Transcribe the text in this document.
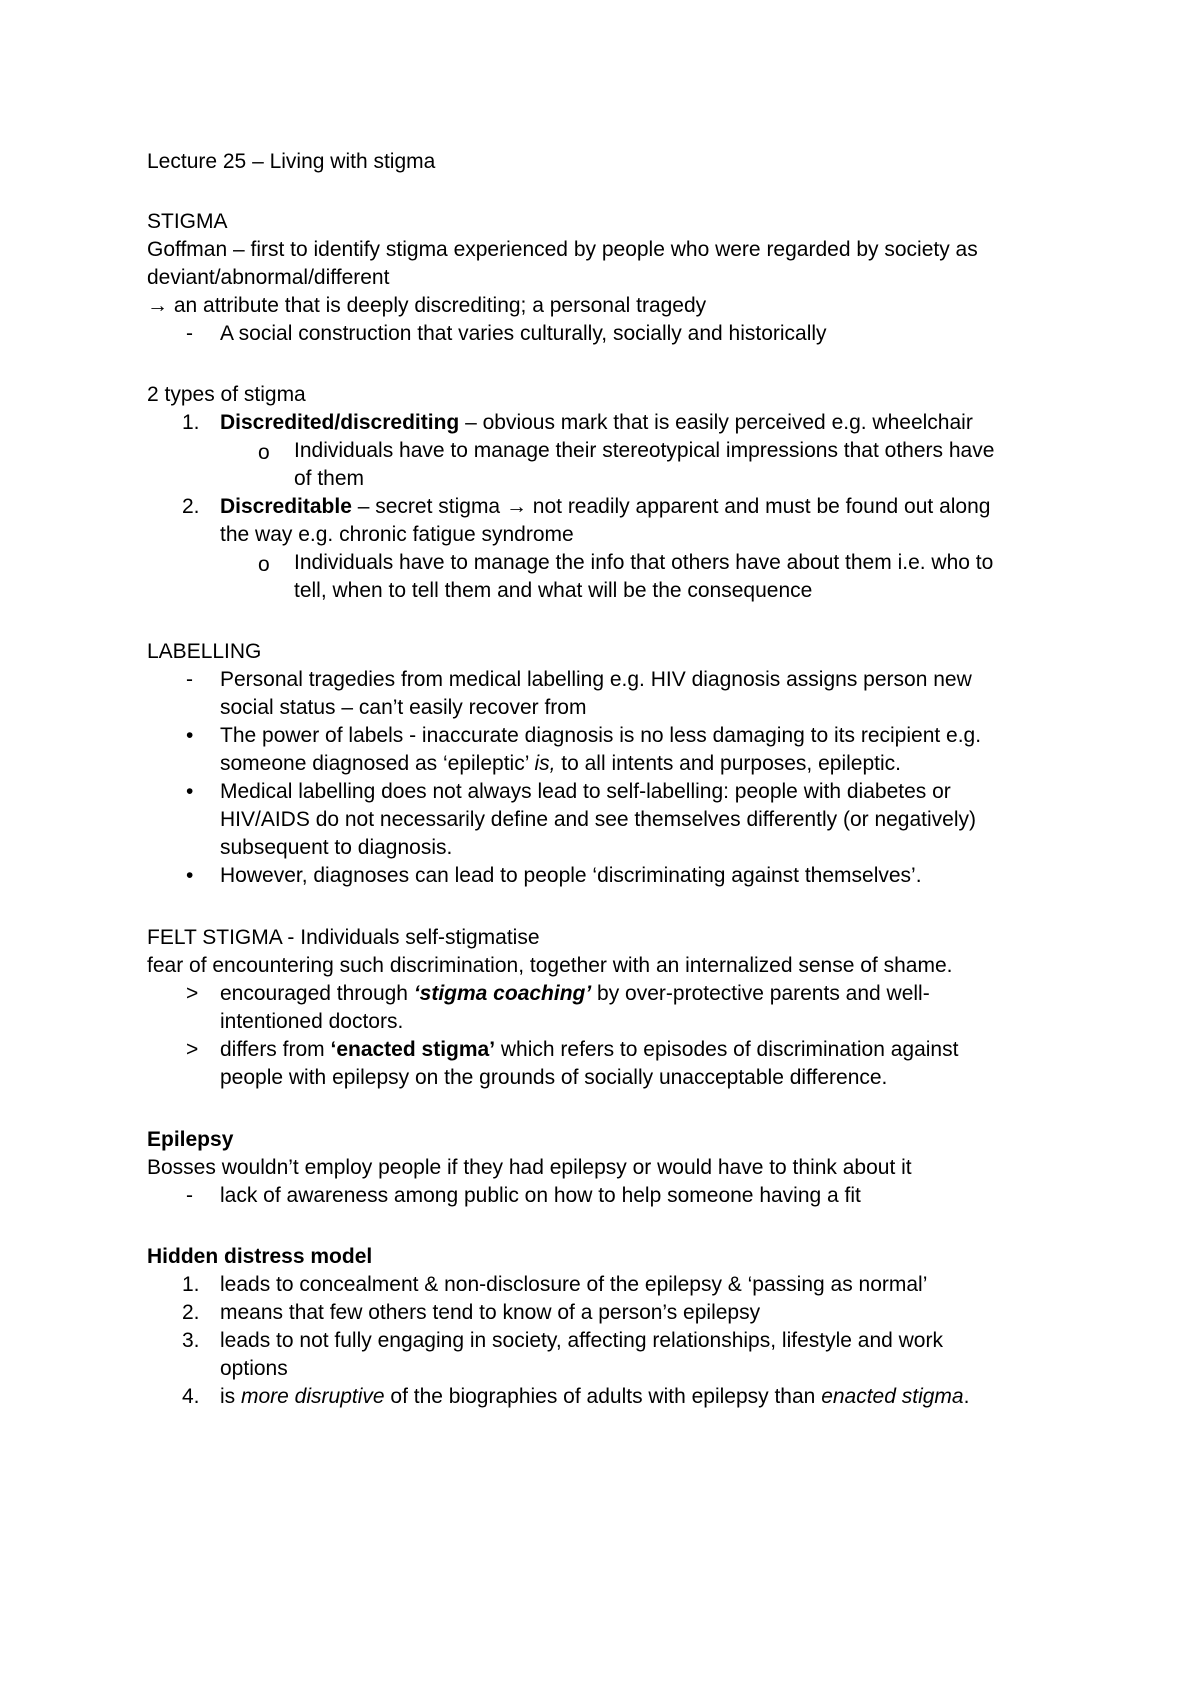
Lecture 25 – Living with stigma
STIGMA
Goffman – first to identify stigma experienced by people who were regarded by society as
deviant/abnormal/different
→ an attribute that is deeply discrediting; a personal tragedy
- A social construction that varies culturally, socially and historically
2 types of stigma
1. Discredited/discrediting – obvious mark that is easily perceived e.g. wheelchair
o Individuals have to manage their stereotypical impressions that others have
of them
2. Discreditable – secret stigma → not readily apparent and must be found out along
the way e.g. chronic fatigue syndrome
o Individuals have to manage the info that others have about them i.e. who to
tell, when to tell them and what will be the consequence
LABELLING
- Personal tragedies from medical labelling e.g. HIV diagnosis assigns person new
social status – can’t easily recover from
• The power of labels - inaccurate diagnosis is no less damaging to its recipient e.g.
someone diagnosed as ‘epileptic’ is, to all intents and purposes, epileptic.
• Medical labelling does not always lead to self-labelling: people with diabetes or
HIV/AIDS do not necessarily define and see themselves differently (or negatively)
subsequent to diagnosis.
• However, diagnoses can lead to people ‘discriminating against themselves’.
FELT STIGMA - Individuals self-stigmatise
fear of encountering such discrimination, together with an internalized sense of shame.
> encouraged through ‘stigma coaching’ by over-protective parents and well-
intentioned doctors.
> differs from ‘enacted stigma’ which refers to episodes of discrimination against
people with epilepsy on the grounds of socially unacceptable difference.
Epilepsy
Bosses wouldn’t employ people if they had epilepsy or would have to think about it
- lack of awareness among public on how to help someone having a fit
Hidden distress model
1. leads to concealment & non-disclosure of the epilepsy & ‘passing as normal’
2. means that few others tend to know of a person’s epilepsy
3. leads to not fully engaging in society, affecting relationships, lifestyle and work
options
4. is more disruptive of the biographies of adults with epilepsy than enacted stigma.
